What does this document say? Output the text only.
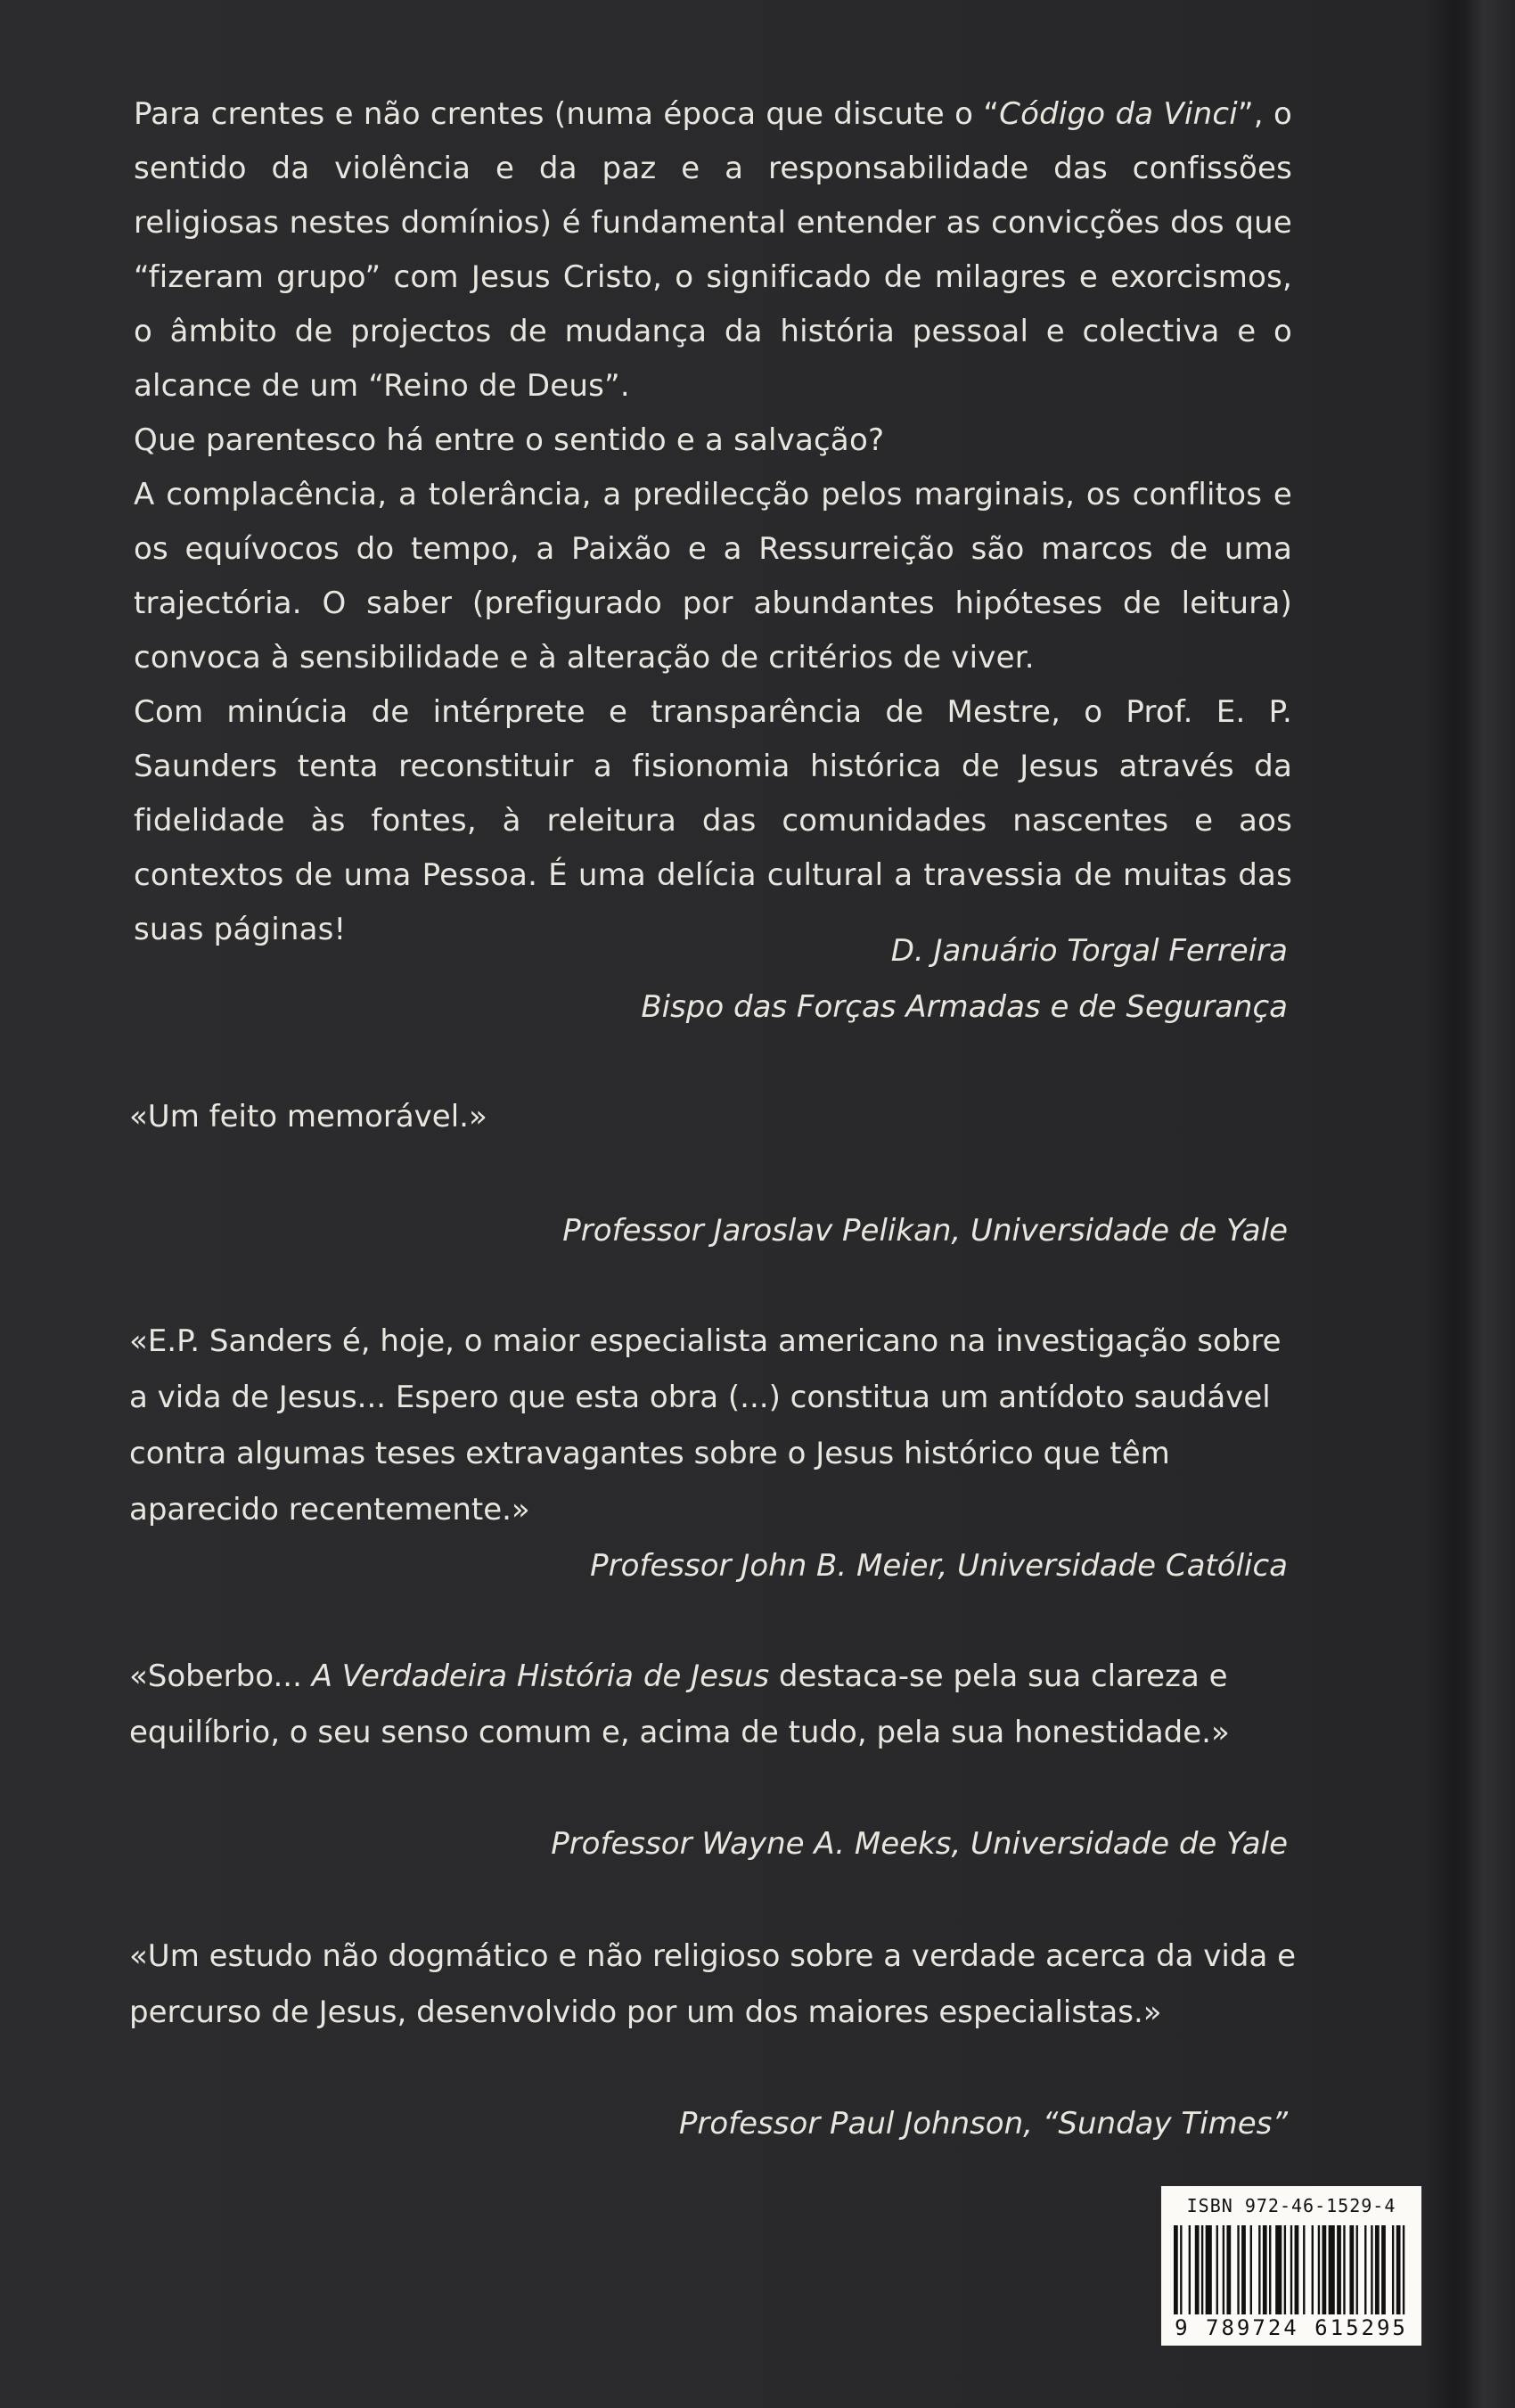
Para crentes e não crentes (numa época que discute o “Código da Vinci”, o sentido da violência e da paz e a responsabilidade das confissões religiosas nestes domínios) é fundamental entender as convicções dos que “fizeram grupo” com Jesus Cristo, o significado de milagres e exorcismos, o âmbito de projectos de mudança da história pessoal e colectiva e o alcance de um “Reino de Deus”.

Que parentesco há entre o sentido e a salvação?

A complacência, a tolerância, a predilecção pelos marginais, os conflitos e os equívocos do tempo, a Paixão e a Ressurreição são marcos de uma trajectória. O saber (prefigurado por abundantes hipóteses de leitura) convoca à sensibilidade e à alteração de critérios de viver.

Com minúcia de intérprete e transparência de Mestre, o Prof. E. P. Saunders tenta reconstituir a fisionomia histórica de Jesus através da fidelidade às fontes, à releitura das comunidades nascentes e aos contextos de uma Pessoa. É uma delícia cultural a travessia de muitas das suas páginas!

D. Januário Torgal Ferreira
Bispo das Forças Armadas e de Segurança

«Um feito memorável.»

Professor Jaroslav Pelikan, Universidade de Yale

«E.P. Sanders é, hoje, o maior especialista americano na investigação sobre a vida de Jesus... Espero que esta obra (...) constitua um antídoto saudável contra algumas teses extravagantes sobre o Jesus histórico que têm aparecido recentemente.»

Professor John B. Meier, Universidade Católica

«Soberbo... A Verdadeira História de Jesus destaca-se pela sua clareza e equilíbrio, o seu senso comum e, acima de tudo, pela sua honestidade.»

Professor Wayne A. Meeks, Universidade de Yale

«Um estudo não dogmático e não religioso sobre a verdade acerca da vida e percurso de Jesus, desenvolvido por um dos maiores especialistas.»

Professor Paul Johnson, “Sunday Times”
ISBN 972-46-1529-4
9 789724 615295
